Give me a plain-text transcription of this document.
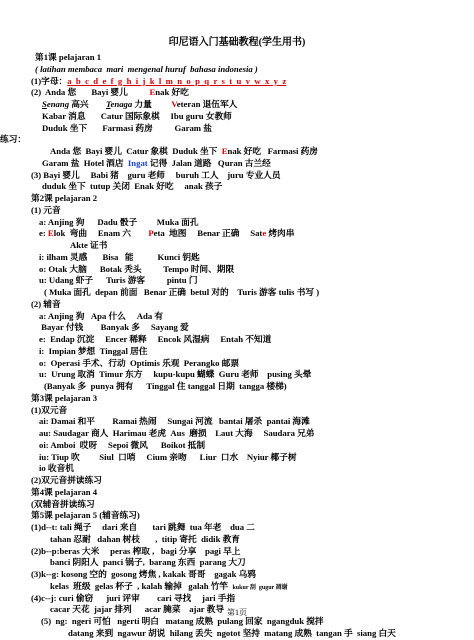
印尼语入门基础教程(学生用书)
第1课 pelajaran 1
( latihan membaca  mari  mengenal huruf  bahasa indonesia )
(1)字母：a  b  c  d  e  f  g  h  i  j  k  l  m  n  o  p  q  r  s  t  u  v  w  x  y  z
(2)  Anda 您       Bayi 婴儿          Enak 好吃
Senang 高兴        Tenaga 力量         Veteran 退伍军人
Kabar 消息       Catur 国际象棋     Ibu guru 女教师
Duduk 坐下       Farmasi 药房          Garam 盐
练习：
Anda 您  Bayi 婴儿  Catur 象棋  Duduk 坐下  Enak 好吃   Farmasi 药房
Garam 盐  Hotel 酒店  Ingat 记得  Jalan 道路   Quran 古兰经
(3) Bayi 婴儿     Babi 猪    guru 老师     buruh 工人    juru 专业人员
duduk 坐下  tutup 关闭  Enak 好吃     anak 孩子
第2课 pelajaran 2
(1) 元音
a: Anjing 狗      Dadu 骰子         Muka 面孔
e: Elok  弯曲     Enam 六        Peta  地图     Benar 正确     Sate 烤肉串
Akte 证书
i: ilham 灵感       Bisa   能           Kunci 钥匙
o: Otak 大脑      Botak 秃头          Tempo 时间、期限
u: Udang 虾子      Turis 游客          pintu 门
( Muka 面孔  depan 前面   Benar 正确  betul 对的    Turis 游客 tulis 书写 )
(2) 辅音
a: Anjing 狗   Apa 什么     Ada 有
Bayar 付钱        Banyak 多     Sayang 爱
e:  Endap 沉淀     Encer 稀释     Encok 风湿病     Entah 不知道
i:  Impian 梦想  Tinggal 居住
o:  Operasi 手术、行动  Optimis 乐观  Perangko 邮票
u:  Urung 取消  Timur 东方     kupu-kupu 蝴蝶  Guru 老师    pusing 头晕
(Banyak 多  punya 拥有      Tinggal 住 tanggal 日期  tangga 楼梯)
第3课 pelajaran 3
(1)双元音
ai: Damai 和平        Ramai 热闹     Sungai 河流   bantai 屠杀  pantai 海滩
au: Saudagar 商人  Harimau 老虎  Aus  磨损    Laut 大海     Saudara 兄弟
oi: Amboi  哎呀     Sepoi 微风      Boikot 抵制
iu: Tiup 吹         Siul  口哨     Cium 亲吻      Liur  口水    Nyiur 椰子树
io 收音机
(2)双元音拼读练习
第4课 pelajaran 4
(双辅音拼读练习
第5课 pelajaran 5 (辅音练习)
(1)d--t: tali 绳子     dari 来自       tari 跳舞  tua 年老    dua 二
tahan 忍耐   dahan 树枝       ,  titip 寄托  didik 教育
(2)b--p:beras 大米     peras 榨取 ,   bagi 分享    pagi 早上
banci 阴阳人  panci 锅子,  barang 东西  parang 大刀
(3)k--g: kosong 空的  gosong 烤焦 , kakak 哥哥    gagak 乌鸦
kelas  班级  gelas 杯子  , kalah 输掉   galah 竹竿  kukur 刮  gugur 凋谢
(4)c--j: curi 偷窃      juri 评审        cari 寻找     jari 手指
cacar 天花  jajar 排列      acar 腌菜    ajar 教导
(5)  ng:  ngeri 可怕   ngerti 明白   matang 成熟  pulang 回家  ngangduk 搅拌
datang 来到  ngawur 胡说  hilang 丢失  ngotot 坚持  matang 成熟  tangan 手  siang 白天
第1页
